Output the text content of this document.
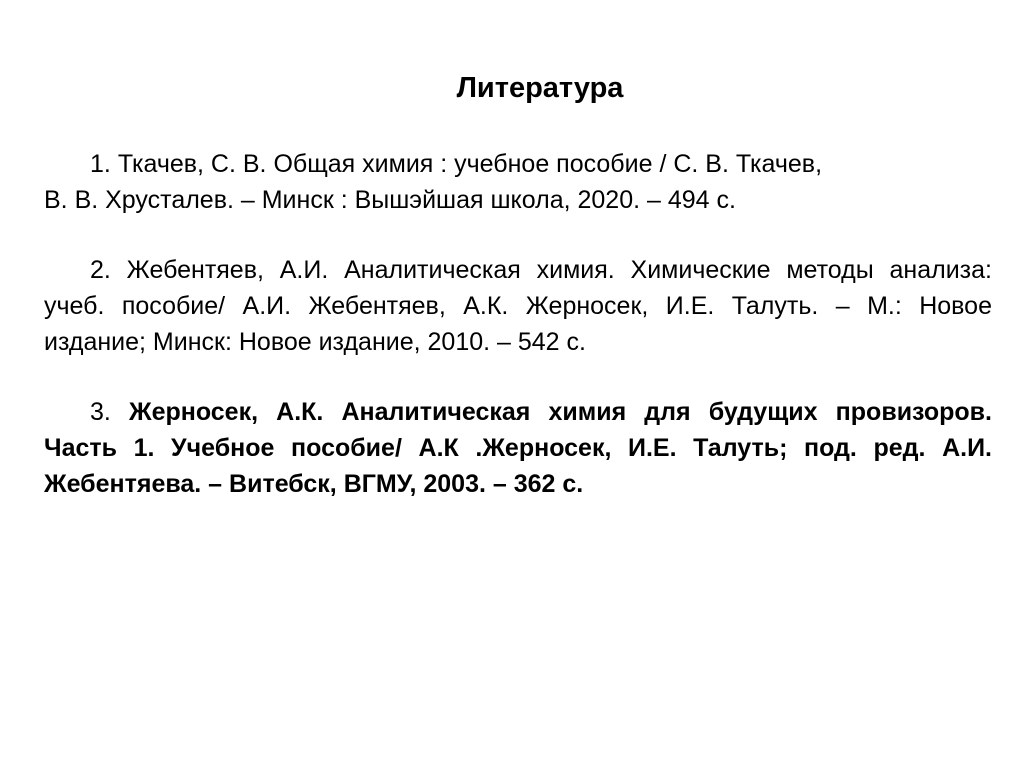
Литература
1. Ткачев, С. В. Общая химия : учебное пособие / С. В. Ткачев,
В. В. Хрусталев. – Минск : Вышэйшая школа, 2020. – 494 с.
2. Жебентяев, А.И. Аналитическая химия. Химические методы анализа: учеб. пособие/ А.И. Жебентяев, А.К. Жерносек, И.Е. Талуть. – М.: Новое издание; Минск: Новое издание, 2010. – 542 с.
3. Жерносек, А.К. Аналитическая химия для будущих провизоров. Часть 1. Учебное пособие/ А.К .Жерносек, И.Е. Талуть; под. ред. А.И. Жебентяева. – Витебск, ВГМУ, 2003. – 362 с.
